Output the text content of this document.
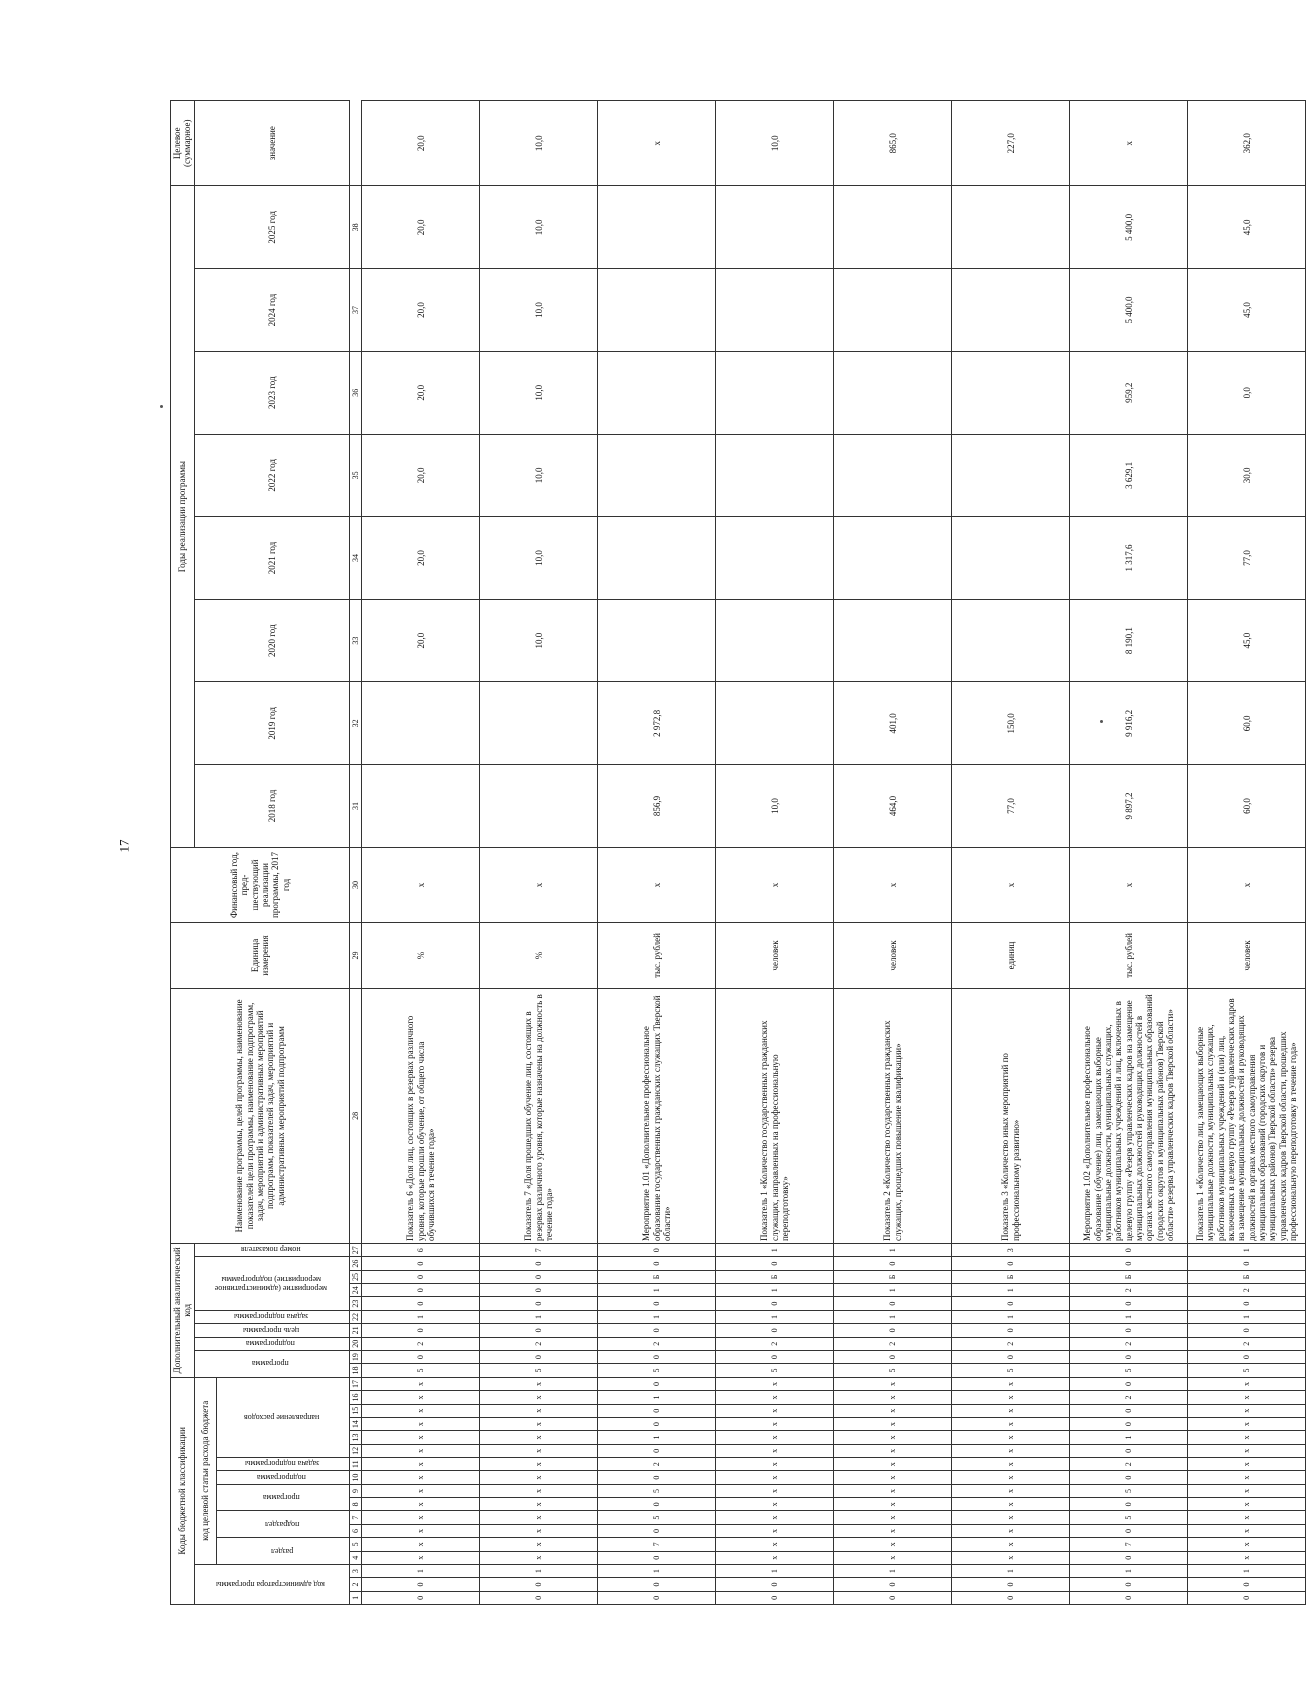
17
Коды бюджетной классификации																	Дополнительный аналитический код										Наименование программы, целей программы, наименование показателей цели программы, наименование подпрограмм, задач, мероприятий и административных мероприятий подпрограмм, показателей задач, мероприятий и административных мероприятий подпрограмм	Единица измерения	Финансовый год, пред-шествующий реализации программы, 2017 год	Годы реализации программы								Целевое (суммарное)
код администратора программы			код целевой статьи расхода бюджета														программа		подпрограмма	цель программы	задача подпрограммы	мероприятие (административное мероприятие) подпрограммы				номер показателя				2018 год	2019 год	2020 год	2021 год	2022 год	2023 год	2024 год	2025 год	значение
			раздел		подраздел		программа		подпрограмма	задача подпрограммы	направление расходов																											
1	2	3	4	5	6	7	8	9	10	11	12	13	14	15	16	17	18	19	20	21	22	23	24	25	26	27	28	29	30	31	32	33	34	35	36	37	38	
0	0	1	x	x	x	x	x	x	x	x	x	x	x	x	x	x	5	0	2	0	1	0	0	0	0	6	Показатель 6 «Доля лиц, состоящих в резервах различного уровня, которые прошли обучение, от общего числа обучившихся в течение года»	%	x			20,0	20,0	20,0	20,0	20,0	20,0	20,0
0	0	1	x	x	x	x	x	x	x	x	x	x	x	x	x	x	5	0	2	0	1	0	0	0	0	7	Показатель 7 «Доля прошедших обучение лиц, состоящих в резервах различного уровня, которые назначены на должность в течение года»	%	x			10,0	10,0	10,0	10,0	10,0	10,0	10,0
0	0	1	0	7	0	5	0	5	0	2	0	1	0	0	1	0	5	0	2	0	1	0	1	Б	0	0	Мероприятие 1.01 «Дополнительное профессиональное образование государственных гражданских служащих Тверской области»	тыс. рублей	x	856,9	2 972,8							x
0	0	1	x	x	x	x	x	x	x	x	x	x	x	x	x	x	5	0	2	0	1	0	1	Б	0	1	Показатель 1 «Количество государственных гражданских служащих, направленных на профессиональную переподготовку»	человек	x	10,0								10,0
0	0	1	x	x	x	x	x	x	x	x	x	x	x	x	x	x	5	0	2	0	1	0	1	Б	0	1	Показатель 2 «Количество государственных гражданских служащих, прошедших повышение квалификации»	человек	x	464,0	401,0							865,0
0	0	1	x	x	x	x	x	x	x	x	x	x	x	x	x	x	5	0	2	0	1	0	1	Б	0	3	Показатель 3 «Количество иных мероприятий по профессиональному развитию»	единиц	x	77,0	150,0							227,0
0	0	1	0	7	0	5	0	5	0	2	0	1	0	0	2	0	5	0	2	0	1	0	2	Б	0	0	Мероприятие 1.02 «Дополнительное профессиональное образование (обучение) лиц, замещающих выборные муниципальные должности, муниципальных служащих, работников муниципальных учреждений и лиц, включенных в целевую группу «Резерв управленческих кадров на замещение муниципальных должностей и руководящих должностей в органах местного самоуправления муниципальных образований (городских округов и муниципальных районов) Тверской области» резерва управленческих кадров Тверской области»	тыс. рублей	x	9 897,2	9 916,2	8 190,1	1 317,6	3 629,1	959,2	5 400,0	5 400,0	x
0	0	1	x	x	x	x	x	x	x	x	x	x	x	x	x	x	5	0	2	0	1	0	2	Б	0	1	Показатель 1 «Количество лиц, замещающих выборные муниципальные должности, муниципальных служащих, работников муниципальных учреждений и (или) лиц, включенных в целевую группу «Резерв управленческих кадров на замещение муниципальных должностей и руководящих должностей в органах местного самоуправления муниципальных образований (городских округов и муниципальных районов) Тверской области» резерва управленческих кадров Тверской области, прошедших профессиональную переподготовку в течение года»	человек	x	60,0	60,0	45,0	77,0	30,0	0,0	45,0	45,0	362,0
